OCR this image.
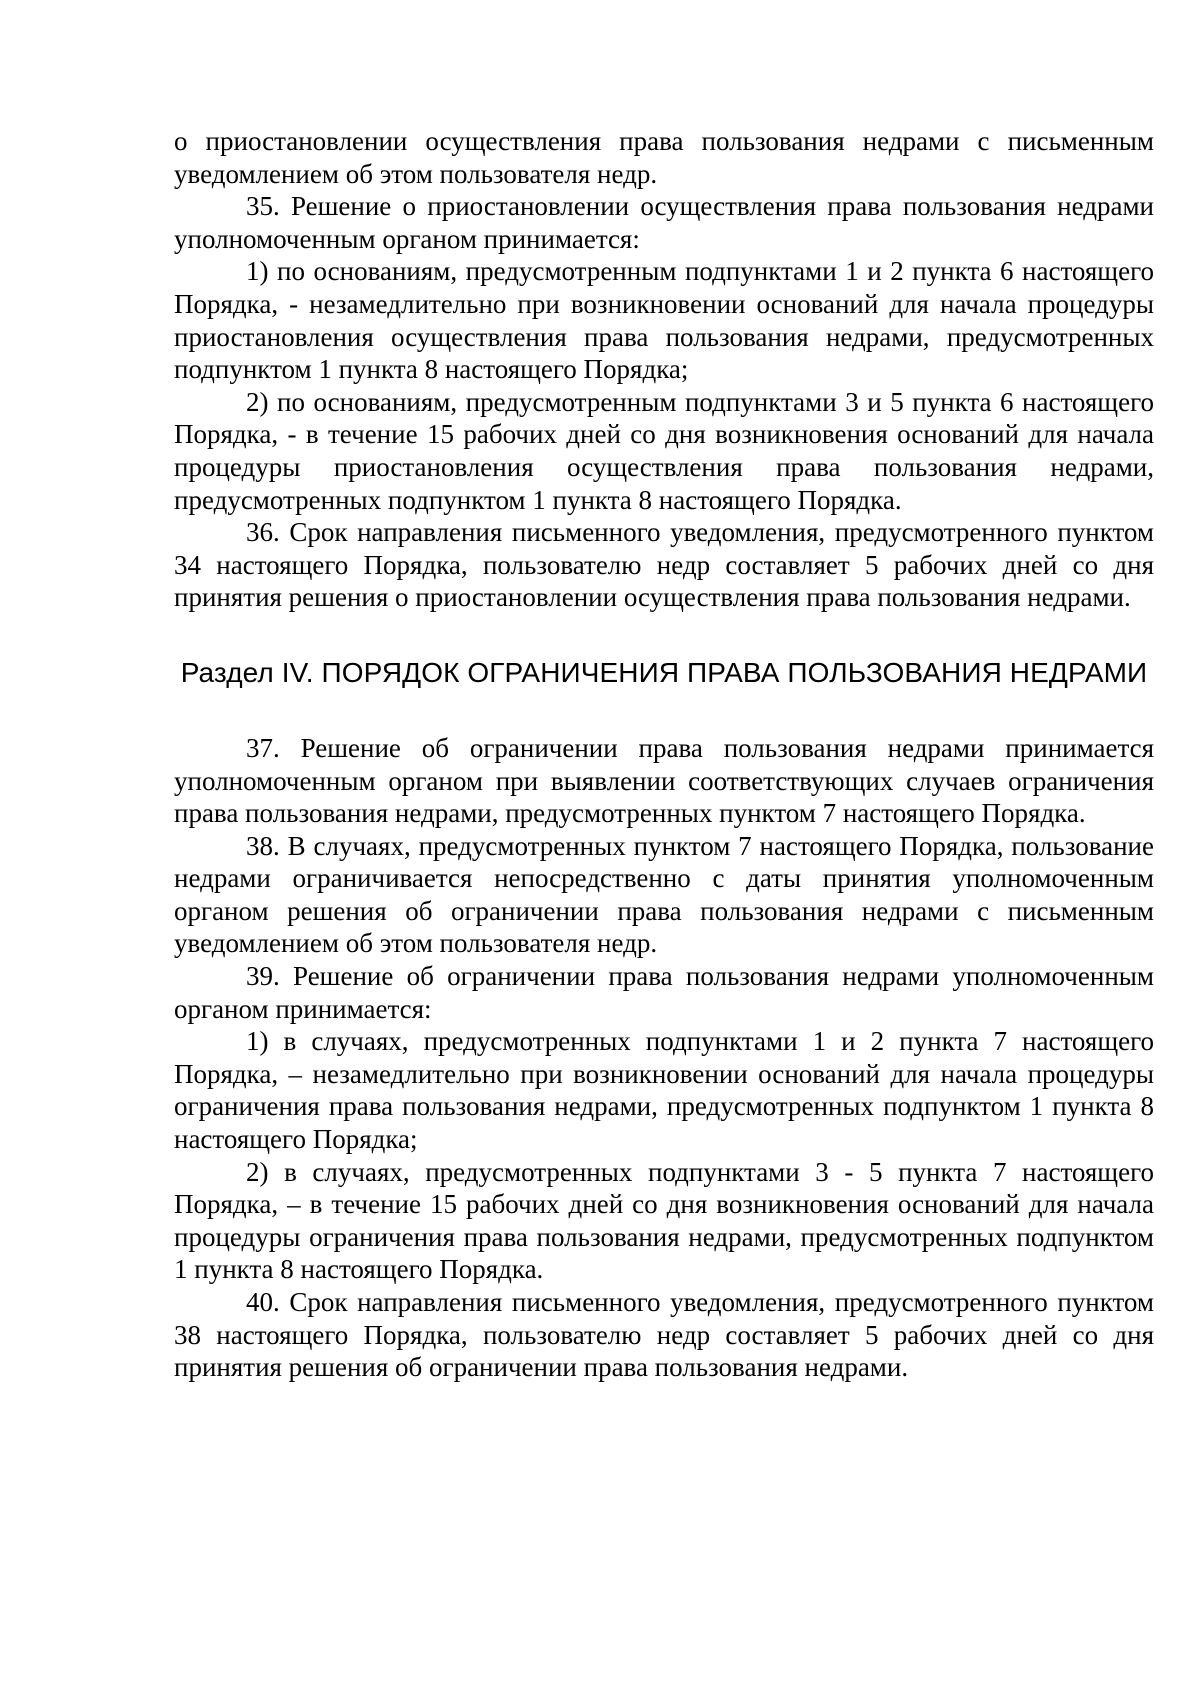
о приостановлении осуществления права пользования недрами с письменным уведомлением об этом пользователя недр.

35. Решение о приостановлении осуществления права пользования недрами уполномоченным органом принимается:

1) по основаниям, предусмотренным подпунктами 1 и 2 пункта 6 настоящего Порядка, - незамедлительно при возникновении оснований для начала процедуры приостановления осуществления права пользования недрами, предусмотренных подпунктом 1 пункта 8 настоящего Порядка;

2) по основаниям, предусмотренным подпунктами 3 и 5 пункта 6 настоящего Порядка, - в течение 15 рабочих дней со дня возникновения оснований для начала процедуры приостановления осуществления права пользования недрами, предусмотренных подпунктом 1 пункта 8 настоящего Порядка.

36. Срок направления письменного уведомления, предусмотренного пунктом 34 настоящего Порядка, пользователю недр составляет 5 рабочих дней со дня принятия решения о приостановлении осуществления права пользования недрами.

Раздел IV. ПОРЯДОК ОГРАНИЧЕНИЯ ПРАВА ПОЛЬЗОВАНИЯ НЕДРАМИ

37. Решение об ограничении права пользования недрами принимается уполномоченным органом при выявлении соответствующих случаев ограничения права пользования недрами, предусмотренных пунктом 7 настоящего Порядка.

38. В случаях, предусмотренных пунктом 7 настоящего Порядка, пользование недрами ограничивается непосредственно с даты принятия уполномоченным органом решения об ограничении права пользования недрами с письменным уведомлением об этом пользователя недр.

39. Решение об ограничении права пользования недрами уполномоченным органом принимается:

1) в случаях, предусмотренных подпунктами 1 и 2 пункта 7 настоящего Порядка, – незамедлительно при возникновении оснований для начала процедуры ограничения права пользования недрами, предусмотренных подпунктом 1 пункта 8 настоящего Порядка;

2) в случаях, предусмотренных подпунктами 3 - 5 пункта 7 настоящего Порядка, – в течение 15 рабочих дней со дня возникновения оснований для начала процедуры ограничения права пользования недрами, предусмотренных подпунктом 1 пункта 8 настоящего Порядка.

40. Срок направления письменного уведомления, предусмотренного пунктом 38 настоящего Порядка, пользователю недр составляет 5 рабочих дней со дня принятия решения об ограничении права пользования недрами.
